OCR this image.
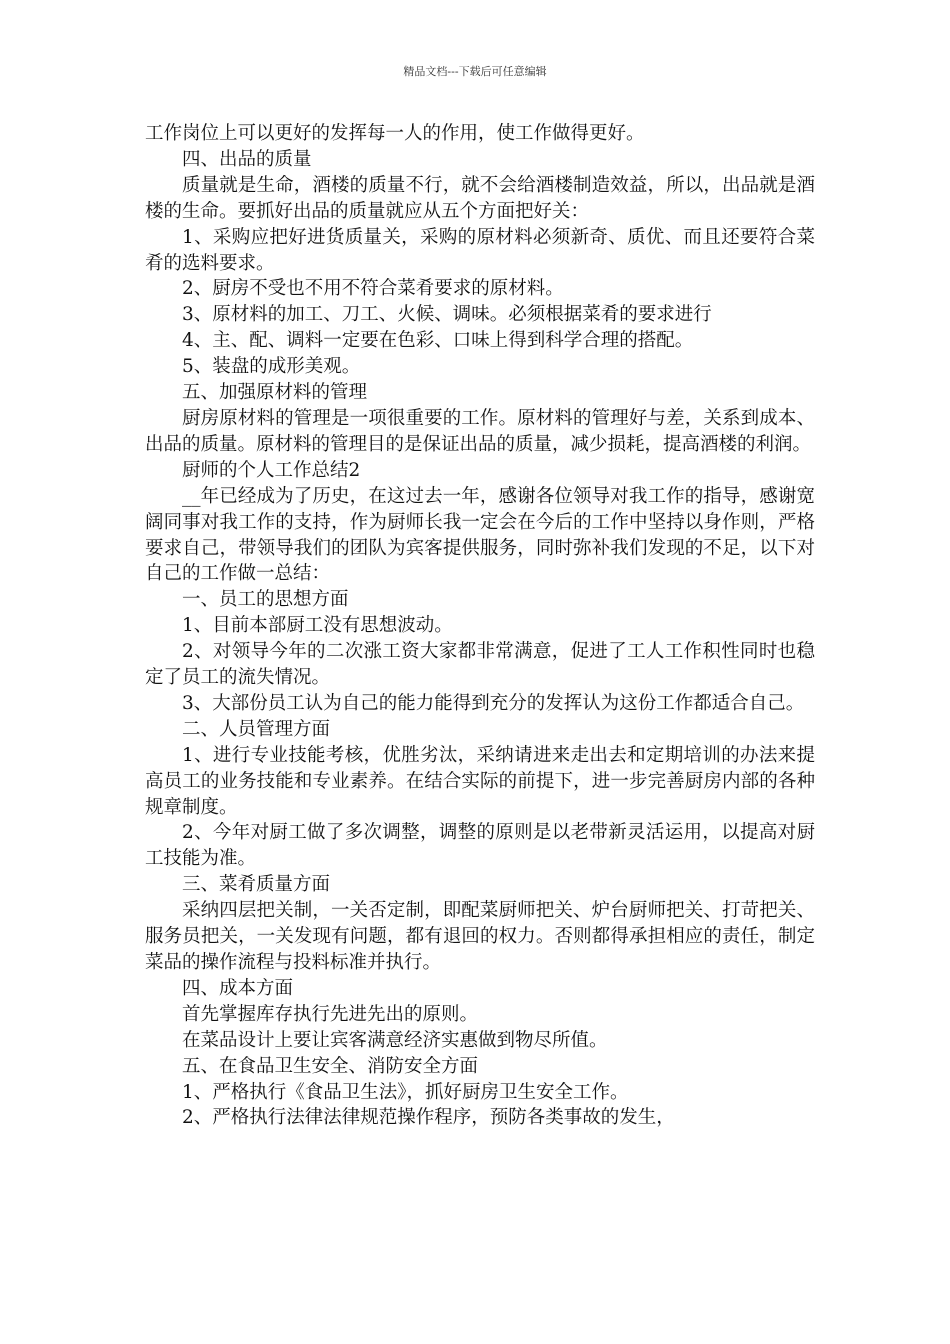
精品文档---下载后可任意编辑

工作岗位上可以更好的发挥每一人的作用，使工作做得更好。

四、出品的质量

质量就是生命，酒楼的质量不行，就不会给酒楼制造效益，所以，出品就是酒楼的生命。要抓好出品的质量就应从五个方面把好关：

1、采购应把好进货质量关，采购的原材料必须新奇、质优、而且还要符合菜肴的选料要求。

2、厨房不受也不用不符合菜肴要求的原材料。

3、原材料的加工、刀工、火候、调味。必须根据菜肴的要求进行

4、主、配、调料一定要在色彩、口味上得到科学合理的搭配。

5、装盘的成形美观。

五、加强原材料的管理

厨房原材料的管理是一项很重要的工作。原材料的管理好与差，关系到成本、出品的质量。原材料的管理目的是保证出品的质量，减少损耗，提高酒楼的利润。

厨师的个人工作总结2

__年已经成为了历史，在这过去一年，感谢各位领导对我工作的指导，感谢宽阔同事对我工作的支持，作为厨师长我一定会在今后的工作中坚持以身作则，严格要求自己，带领导我们的团队为宾客提供服务，同时弥补我们发现的不足，以下对自己的工作做一总结：

一、员工的思想方面

1、目前本部厨工没有思想波动。

2、对领导今年的二次涨工资大家都非常满意，促进了工人工作积性同时也稳定了员工的流失情况。

3、大部份员工认为自己的能力能得到充分的发挥认为这份工作都适合自己。

二、人员管理方面

1、进行专业技能考核，优胜劣汰，采纳请进来走出去和定期培训的办法来提高员工的业务技能和专业素养。在结合实际的前提下，进一步完善厨房内部的各种规章制度。

2、今年对厨工做了多次调整，调整的原则是以老带新灵活运用，以提高对厨工技能为准。

三、菜肴质量方面

采纳四层把关制，一关否定制，即配菜厨师把关、炉台厨师把关、打苛把关、服务员把关，一关发现有问题，都有退回的权力。否则都得承担相应的责任，制定菜品的操作流程与投料标准并执行。

四、成本方面

首先掌握库存执行先进先出的原则。

在菜品设计上要让宾客满意经济实惠做到物尽所值。

五、在食品卫生安全、消防安全方面

1、严格执行《食品卫生法》，抓好厨房卫生安全工作。

2、严格执行法律法律规范操作程序，预防各类事故的发生，
